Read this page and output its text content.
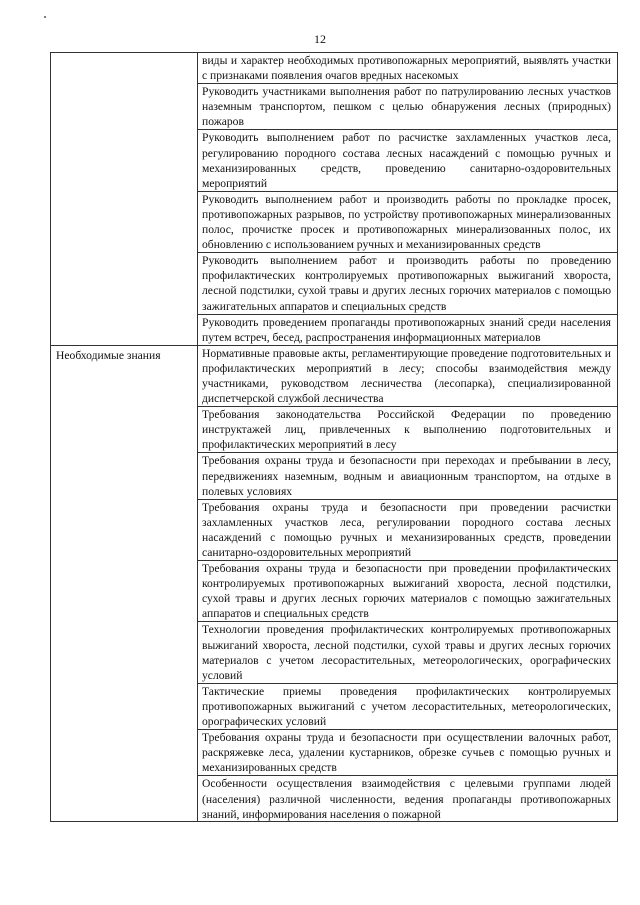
12
	виды и характер необходимых противопожарных мероприятий, выявлять участки с признаками появления очагов вредных насекомых
	Руководить участниками выполнения работ по патрулированию лесных участков наземным транспортом, пешком с целью обнаружения лесных (природных) пожаров
	Руководить выполнением работ по расчистке захламленных участков леса, регулированию породного состава лесных насаждений с помощью ручных и механизированных средств, проведению санитарно-оздоровительных мероприятий
	Руководить выполнением работ и производить работы по прокладке просек, противопожарных разрывов, по устройству противопожарных минерализованных полос, прочистке просек и противопожарных минерализованных полос, их обновлению с использованием ручных и механизированных средств
	Руководить выполнением работ и производить работы по проведению профилактических контролируемых противопожарных выжиганий хвороста, лесной подстилки, сухой травы и других лесных горючих материалов с помощью зажигательных аппаратов и специальных средств
	Руководить проведением пропаганды противопожарных знаний среди населения путем встреч, бесед, распространения информационных материалов
Необходимые знания	Нормативные правовые акты, регламентирующие проведение подготовительных и профилактических мероприятий в лесу; способы взаимодействия между участниками, руководством лесничества (лесопарка), специализированной диспетчерской службой лесничества
	Требования законодательства Российской Федерации по проведению инструктажей лиц, привлеченных к выполнению подготовительных и профилактических мероприятий в лесу
	Требования охраны труда и безопасности при переходах и пребывании в лесу, передвижениях наземным, водным и авиационным транспортом, на отдыхе в полевых условиях
	Требования охраны труда и безопасности при проведении расчистки захламленных участков леса, регулировании породного состава лесных насаждений с помощью ручных и механизированных средств, проведении санитарно-оздоровительных мероприятий
	Требования охраны труда и безопасности при проведении профилактических контролируемых противопожарных выжиганий хвороста, лесной подстилки, сухой травы и других лесных горючих материалов с помощью зажигательных аппаратов и специальных средств
	Технологии проведения профилактических контролируемых противопожарных выжиганий хвороста, лесной подстилки, сухой травы и других лесных горючих материалов с учетом лесорастительных, метеорологических, орографических условий
	Тактические приемы проведения профилактических контролируемых противопожарных выжиганий с учетом лесорастительных, метеорологических, орографических условий
	Требования охраны труда и безопасности при осуществлении валочных работ, раскряжевке леса, удалении кустарников, обрезке сучьев с помощью ручных и механизированных средств

	Особенности осуществления взаимодействия с целевыми группами людей (населения) различной численности, ведения пропаганды противопожарных знаний, информирования населения о пожарной
